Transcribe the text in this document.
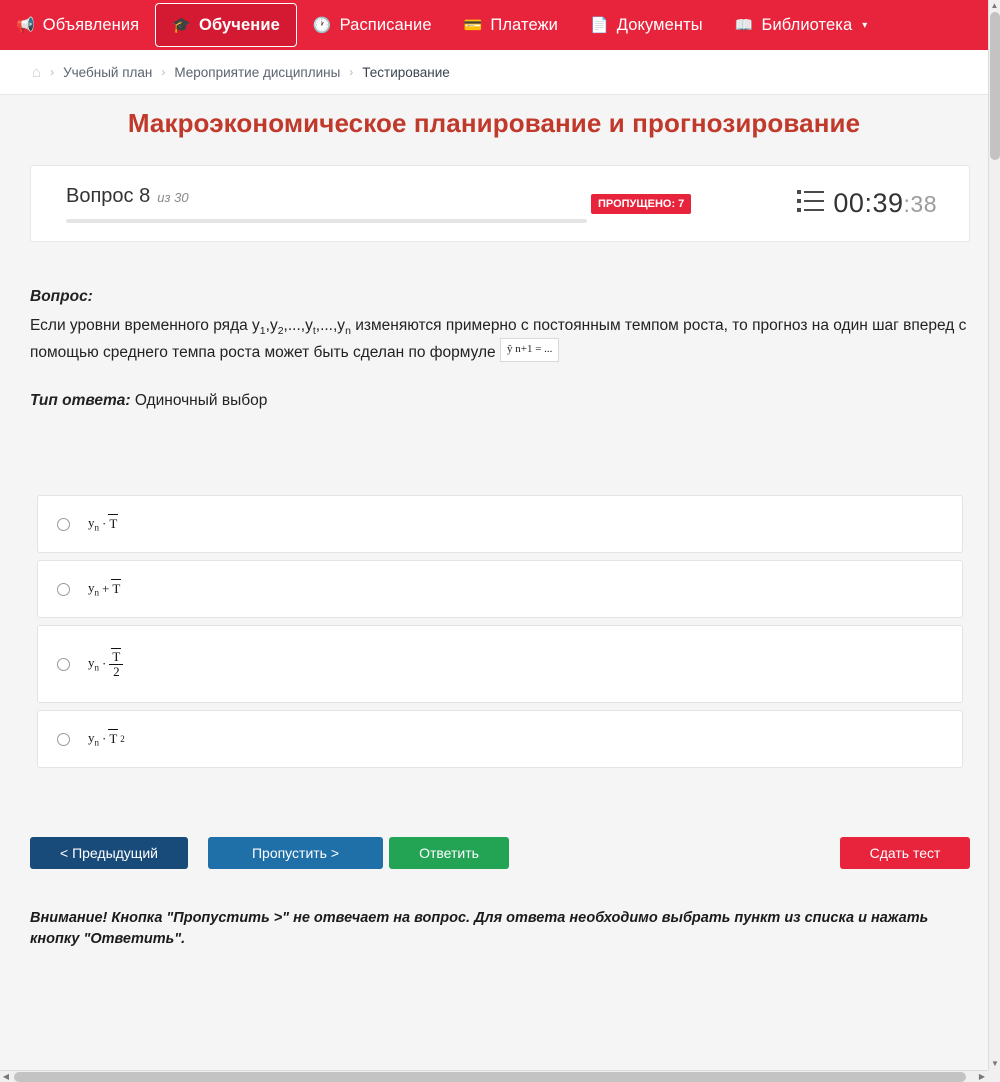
📢 Объявления 🎓 Обучение 🕐 Расписание 💳 Платежи 📄 Документы 📖 Библиотека ▾
⌂ › Учебный план › Мероприятие дисциплины › Тестирование
Макроэкономическое планирование и прогнозирование
Вопрос 8 из 30	ПРОПУЩЕНО: 7	00:39:38
Вопрос:
Если уровни временного ряда $y_1,y_2,...,y_t,...,y_n$ изменяются примерно с постоянным темпом роста, то прогноз на один шаг вперед с помощью среднего темпа роста может быть сделан по формуле ŷ n+1 = ...
Тип ответа: Одиночный выбор
$y_n \cdot T$
$y_n + T$
$y_n \cdot \frac{T}{2}$
$y_n \cdot T$ 2
< Предыдущий	Пропустить >	Ответить	Сдать тест
Внимание! Кнопка "Пропустить >" не отвечает на вопрос. Для ответа необходимо выбрать пункт из списка и нажать кнопку "Ответить".
▲
▼
◀	▶
